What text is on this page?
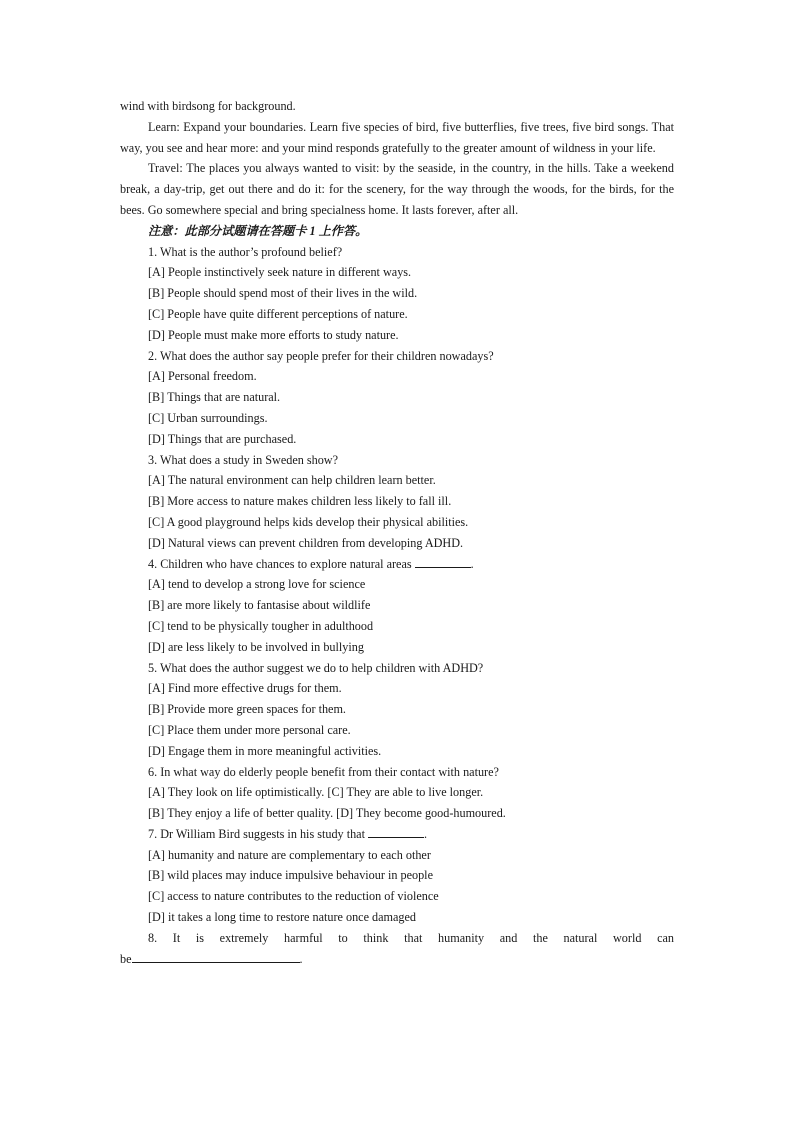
wind with birdsong for background.

Learn: Expand your boundaries. Learn five species of bird, five butterflies, five trees, five bird songs. That way, you see and hear more: and your mind responds gratefully to the greater amount of wildness in your life.

Travel: The places you always wanted to visit: by the seaside, in the country, in the hills. Take a weekend break, a day-trip, get out there and do it: for the scenery, for the way through the woods, for the birds, for the bees. Go somewhere special and bring specialness home. It lasts forever, after all.

注意：此部分试题请在答题卡 1 上作答。

1. What is the author’s profound belief?

[A] People instinctively seek nature in different ways.

[B] People should spend most of their lives in the wild.

[C] People have quite different perceptions of nature.

[D] People must make more efforts to study nature.

2. What does the author say people prefer for their children nowadays?

[A] Personal freedom.

[B] Things that are natural.

[C] Urban surroundings.

[D] Things that are purchased.

3. What does a study in Sweden show?

[A] The natural environment can help children learn better.

[B] More access to nature makes children less likely to fall ill.

[C] A good playground helps kids develop their physical abilities.

[D] Natural views can prevent children from developing ADHD.

4. Children who have chances to explore natural areas	.

[A] tend to develop a strong love for science

[B] are more likely to fantasise about wildlife

[C] tend to be physically tougher in adulthood

[D] are less likely to be involved in bullying

5. What does the author suggest we do to help children with ADHD?

[A] Find more effective drugs for them.

[B] Provide more green spaces for them.

[C] Place them under more personal care.

[D] Engage them in more meaningful activities.

6. In what way do elderly people benefit from their contact with nature?

[A] They look on life optimistically. [C] They are able to live longer.

[B] They enjoy a life of better quality. [D] They become good-humoured.

7. Dr William Bird suggests in his study that	.

[A] humanity and nature are complementary to each other

[B] wild places may induce impulsive behaviour in people

[C] access to nature contributes to the reduction of violence

[D] it takes a long time to restore nature once damaged

8. It is extremely harmful to think that humanity and the natural world can

be	.
